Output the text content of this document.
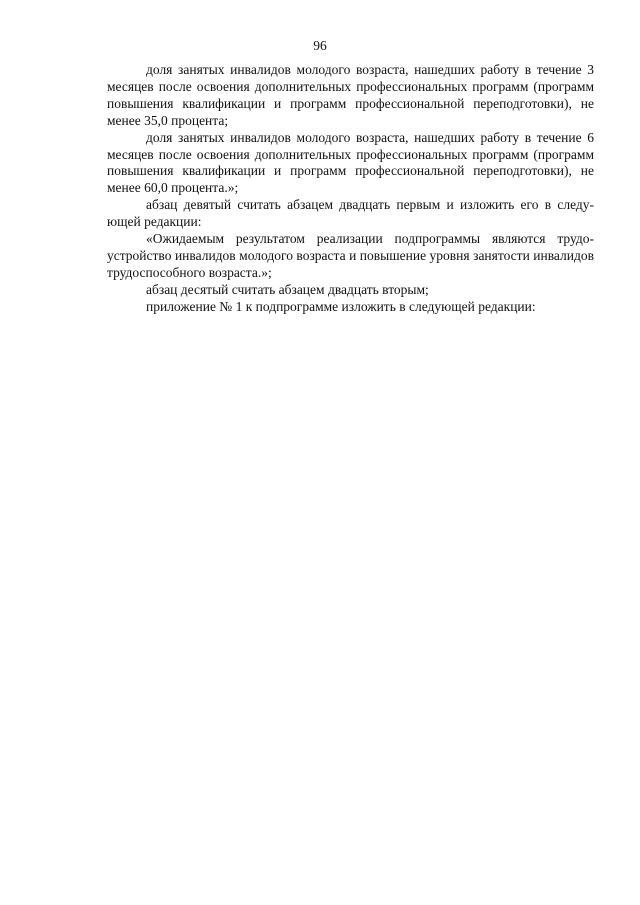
96

доля занятых инвалидов молодого возраста, нашедших работу в течение 3 месяцев после освоения дополнительных профессиональных программ (программ повышения квалификации и программ профессиональной переподготовки), не менее 35,0 процента;

доля занятых инвалидов молодого возраста, нашедших работу в течение 6 месяцев после освоения дополнительных профессиональных программ (программ повышения квалификации и программ профессиональной переподготовки), не менее 60,0 процента.»;

абзац девятый считать абзацем двадцать первым и изложить его в следующей редакции:

«Ожидаемым результатом реализации подпрограммы являются трудоустройство инвалидов молодого возраста и повышение уровня занятости инвалидов трудоспособного возраста.»;

абзац десятый считать абзацем двадцать вторым;

приложение № 1 к подпрограмме изложить в следующей редакции:
